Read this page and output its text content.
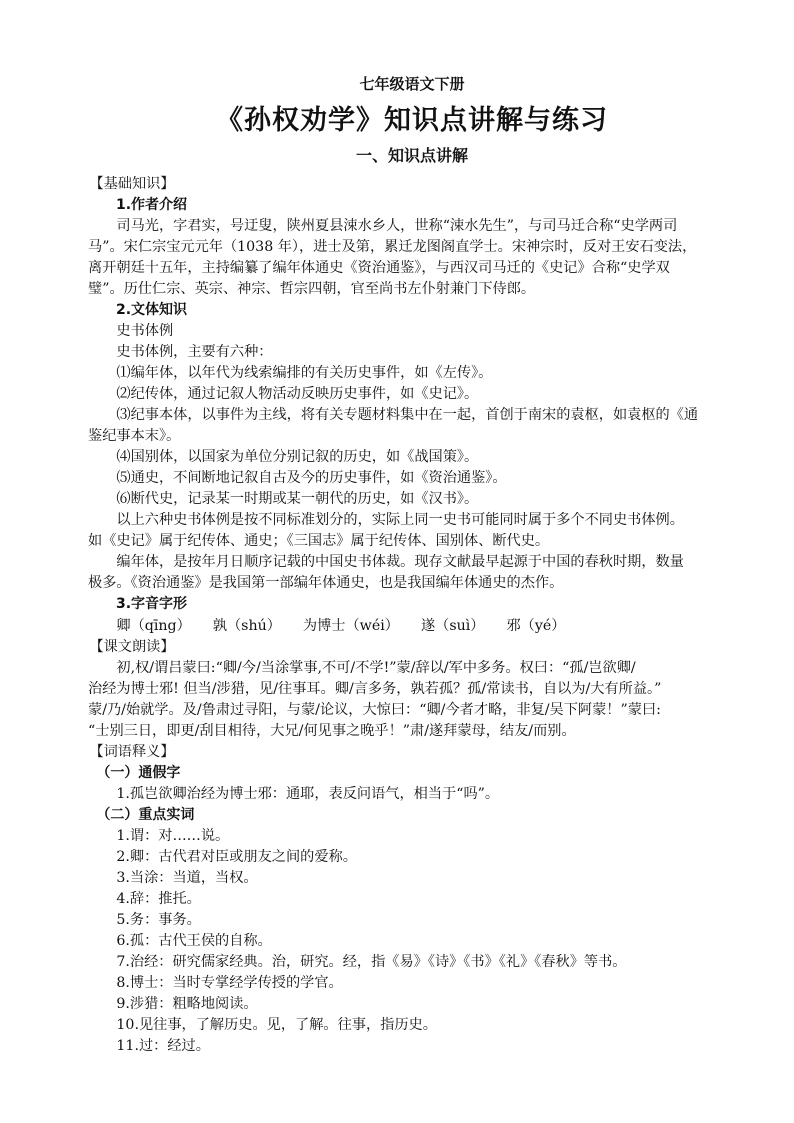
七年级语文下册
《孙权劝学》知识点讲解与练习
一、知识点讲解

【基础知识】

1.作者介绍

司马光，字君实，号迂叟，陕州夏县涑水乡人，世称“涑水先生”，与司马迁合称“史学两司

马”。宋仁宗宝元元年（1038 年），进士及第，累迁龙图阁直学士。宋神宗时，反对王安石变法，

离开朝廷十五年，主持编纂了编年体通史《资治通鉴》，与西汉司马迁的《史记》合称“史学双

璧”。历仕仁宗、英宗、神宗、哲宗四朝，官至尚书左仆射兼门下侍郎。

2.文体知识

史书体例

史书体例，主要有六种：

⑴编年体，以年代为线索编排的有关历史事件，如《左传》。

⑵纪传体，通过记叙人物活动反映历史事件，如《史记》。

⑶纪事本体，以事件为主线，将有关专题材料集中在一起，首创于南宋的袁枢，如袁枢的《通

鉴纪事本末》。

⑷国别体，以国家为单位分别记叙的历史，如《战国策》。

⑸通史，不间断地记叙自古及今的历史事件，如《资治通鉴》。

⑹断代史，记录某一时期或某一朝代的历史，如《汉书》。

以上六种史书体例是按不同标准划分的，实际上同一史书可能同时属于多个不同史书体例。

如《史记》属于纪传体、通史；《三国志》属于纪传体、国别体、断代史。

编年体，是按年月日顺序记载的中国史书体裁。现存文献最早起源于中国的春秋时期，数量

极多。《资治通鉴》是我国第一部编年体通史，也是我国编年体通史的杰作。

3.字音字形

卿（qīng） 孰（shú） 为博士（wéi） 遂（suì） 邪（yé）

【课文朗读】

初,权/谓吕蒙曰:“卿/今/当涂掌事,不可/不学!”蒙/辞以/军中多务。权曰：“孤/岂欲卿/

治经为博士邪! 但当/涉猎，见/往事耳。卿/言多务，孰若孤？孤/常读书，自以为/大有所益。”

蒙/乃/始就学。及/鲁肃过寻阳，与蒙/论议，大惊曰：“卿/今者才略，非复/吴下阿蒙！”蒙曰:

“士别三日，即更/刮目相待，大兄/何见事之晚乎！”肃/遂拜蒙母，结友/而别。

【词语释义】

（一）通假字

1.孤岂欲卿治经为博士邪：通耶，表反问语气，相当于“吗”。

（二）重点实词

1.谓：对……说。

2.卿：古代君对臣或朋友之间的爱称。

3.当涂：当道，当权。

4.辞：推托。

5.务：事务。

6.孤：古代王侯的自称。

7.治经：研究儒家经典。治，研究。经，指《易》《诗》《书》《礼》《春秋》等书。

8.博士：当时专掌经学传授的学官。

9.涉猎：粗略地阅读。

10.见往事，了解历史。见，了解。往事，指历史。

11.过：经过。
